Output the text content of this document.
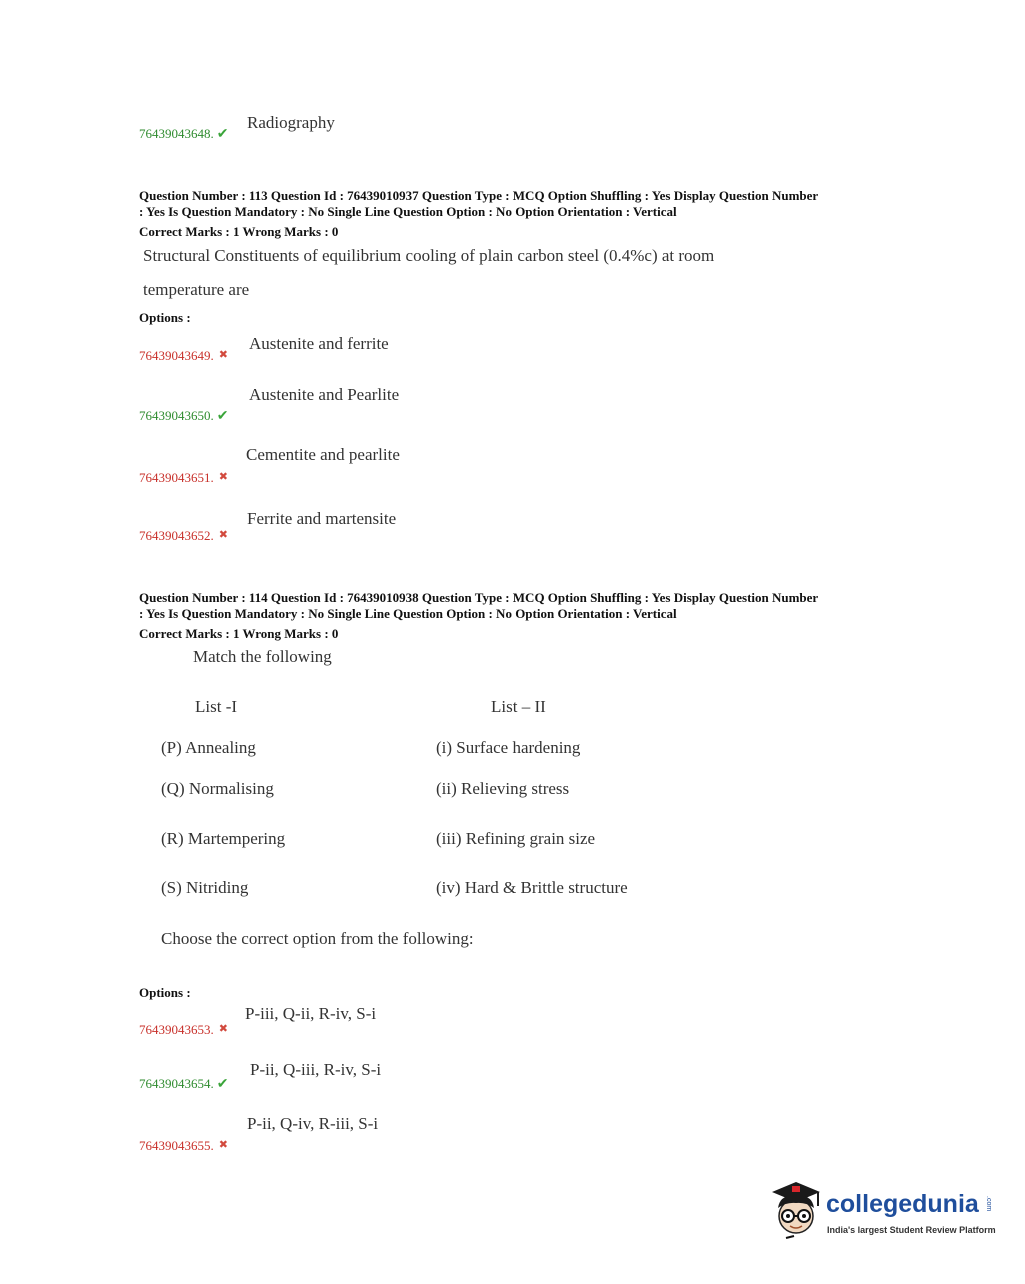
Radiography
76439043648. ✔
Question Number : 113 Question Id : 76439010937 Question Type : MCQ Option Shuffling : Yes Display Question Number
: Yes Is Question Mandatory : No Single Line Question Option : No Option Orientation : Vertical
Correct Marks : 1 Wrong Marks : 0
Structural Constituents of equilibrium cooling of plain carbon steel (0.4%c) at room
temperature are
Options :
Austenite and ferrite
76439043649. ✖
Austenite and Pearlite
76439043650. ✔
Cementite and pearlite
76439043651. ✖
Ferrite and martensite
76439043652. ✖
Question Number : 114 Question Id : 76439010938 Question Type : MCQ Option Shuffling : Yes Display Question Number
: Yes Is Question Mandatory : No Single Line Question Option : No Option Orientation : Vertical
Correct Marks : 1 Wrong Marks : 0
Match the following
List -I	List – II
(P) Annealing	(i) Surface hardening
(Q) Normalising	(ii) Relieving stress
(R) Martempering	(iii) Refining grain size
(S) Nitriding	(iv) Hard & Brittle structure
Choose the correct option from the following:
Options :
P-iii, Q-ii, R-iv, S-i
76439043653. ✖
P-ii, Q-iii, R-iv, S-i
76439043654. ✔
P-ii, Q-iv, R-iii, S-i
76439043655. ✖
collegedunia .com
India's largest Student Review Platform
